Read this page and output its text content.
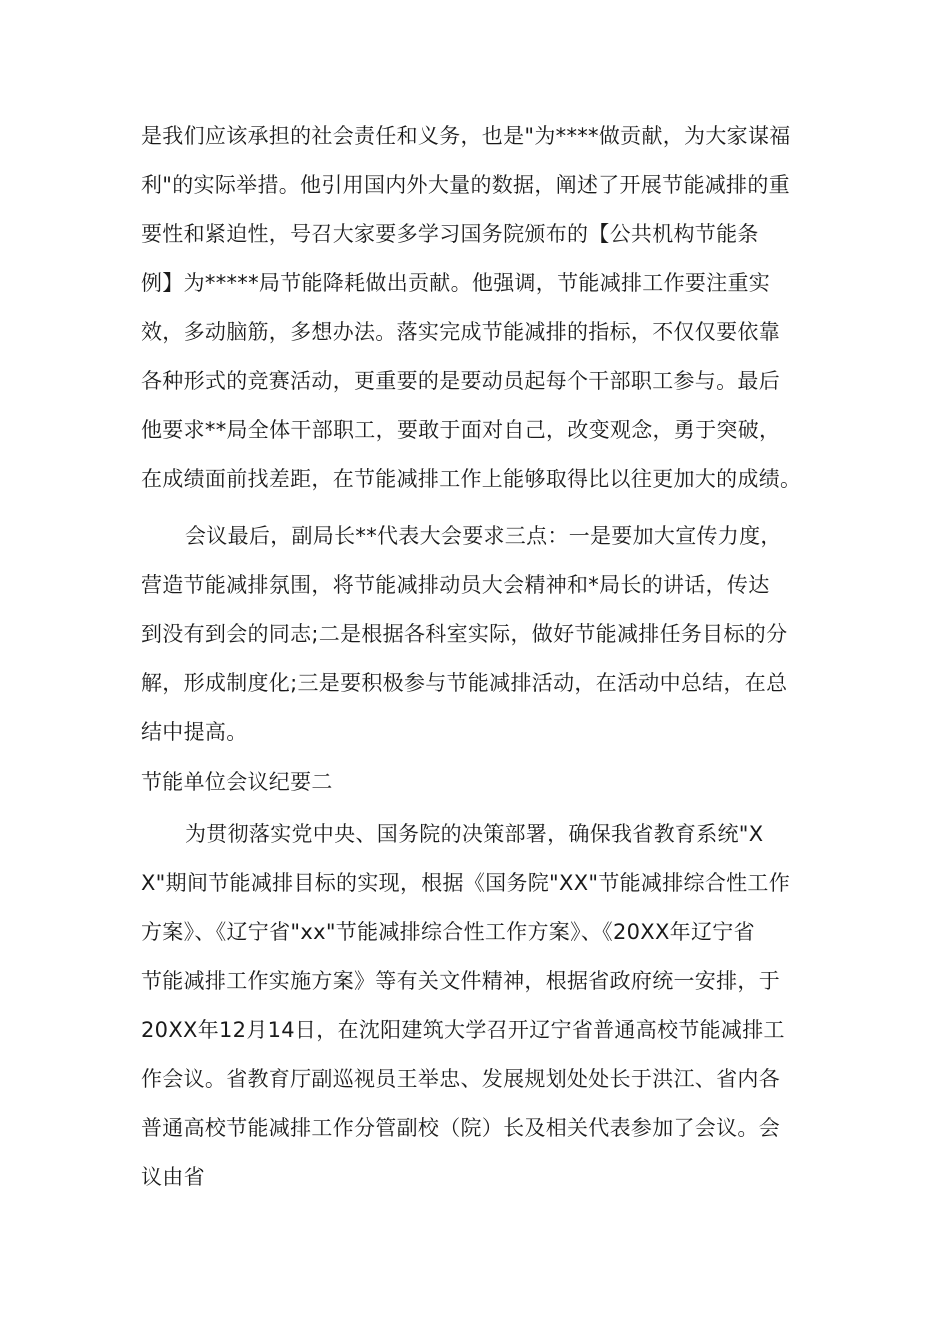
是我们应该承担的社会责任和义务，也是"为****做贡献，为大家谋福
利"的实际举措。他引用国内外大量的数据，阐述了开展节能减排的重
要性和紧迫性，号召大家要多学习国务院颁布的【公共机构节能条
例】为*****局节能降耗做出贡献。他强调，节能减排工作要注重实
效，多动脑筋，多想办法。落实完成节能减排的指标，不仅仅要依靠
各种形式的竞赛活动，更重要的是要动员起每个干部职工参与。最后
他要求**局全体干部职工，要敢于面对自己，改变观念，勇于突破，
在成绩面前找差距，在节能减排工作上能够取得比以往更加大的成绩。
会议最后，副局长**代表大会要求三点：一是要加大宣传力度，
营造节能减排氛围，将节能减排动员大会精神和*局长的讲话，传达
到没有到会的同志;二是根据各科室实际，做好节能减排任务目标的分
解，形成制度化;三是要积极参与节能减排活动，在活动中总结，在总
结中提高。
节能单位会议纪要二
为贯彻落实党中央、国务院的决策部署，确保我省教育系统"X
X"期间节能减排目标的实现，根据《国务院"XX"节能减排综合性工作
方案》、《辽宁省"xx"节能减排综合性工作方案》、《20XX年辽宁省
节能减排工作实施方案》等有关文件精神，根据省政府统一安排，于
20XX年12月14日，在沈阳建筑大学召开辽宁省普通高校节能减排工
作会议。省教育厅副巡视员王举忠、发展规划处处长于洪江、省内各
普通高校节能减排工作分管副校（院）长及相关代表参加了会议。会
议由省
